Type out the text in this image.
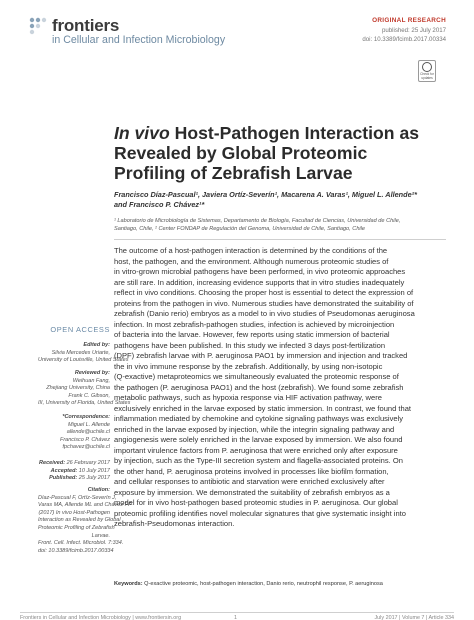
frontiers
in Cellular and Infection Microbiology
ORIGINAL RESEARCH
published: 25 July 2017
doi: 10.3389/fcimb.2017.00334
Check for updates
In vivo Host-Pathogen Interaction as
Revealed by Global Proteomic
Profiling of Zebrafish Larvae
Francisco Díaz-Pascual¹, Javiera Ortíz-Severín¹, Macarena A. Varas¹, Miguel L. Allende²*
and Francisco P. Chávez¹*
¹ Laboratorio de Microbiología de Sistemas, Departamento de Biología, Facultad de Ciencias, Universidad de Chile,
Santiago, Chile, ² Center FONDAP de Regulación del Genoma, Universidad de Chile, Santiago, Chile
The outcome of a host-pathogen interaction is determined by the conditions of the
host, the pathogen, and the environment. Although numerous proteomic studies of
in vitro-grown microbial pathogens have been performed, in vivo proteomic approaches
are still rare. In addition, increasing evidence supports that in vitro studies inadequately
reflect in vivo conditions. Choosing the proper host is essential to detect the expression of
proteins from the pathogen in vivo. Numerous studies have demonstrated the suitability of
zebrafish (Danio rerio) embryos as a model to in vivo studies of Pseudomonas aeruginosa
infection. In most zebrafish-pathogen studies, infection is achieved by microinjection
of bacteria into the larvae. However, few reports using static immersion of bacterial
pathogens have been published. In this study we infected 3 days post-fertilization
(DPF) zebrafish larvae with P. aeruginosa PAO1 by immersion and injection and tracked
the in vivo immune response by the zebrafish. Additionally, by using non-isotopic
(Q-exactive) metaproteomics we simultaneously evaluated the proteomic response of
the pathogen (P. aeruginosa PAO1) and the host (zebrafish). We found some zebrafish
metabolic pathways, such as hypoxia response via HIF activation pathway, were
exclusively enriched in the larvae exposed by static immersion. In contrast, we found that
inflammation mediated by chemokine and cytokine signaling pathways was exclusively
enriched in the larvae exposed by injection, while the integrin signaling pathway and
angiogenesis were solely enriched in the larvae exposed by immersion. We also found
important virulence factors from P. aeruginosa that were enriched only after exposure
by injection, such as the Type-III secretion system and flagella-associated proteins. On
the other hand, P. aeruginosa proteins involved in processes like biofilm formation,
and cellular responses to antibiotic and starvation were enriched exclusively after
exposure by immersion. We demonstrated the suitability of zebrafish embryos as a
model for in vivo host-pathogen based proteomic studies in P. aeruginosa. Our global
proteomic profiling identifies novel molecular signatures that give systematic insight into
zebrafish-Pseudomonas interaction.
Keywords: Q-exactive proteomic, host-pathogen interaction, Danio rerio, neutrophil response, P. aeruginosa
OPEN ACCESS
Edited by:
Silvia Mercedes Uriarte,
University of Louisville, United States
Reviewed by:
Weihuan Fang,
Zhejiang University, China
Frank C. Gibson,
III, University of Florida, United States
*Correspondence:
Miguel L. Allende
allende@uchile.cl
Francisco P. Chávez
fpchavez@uchile.cl
Received: 26 February 2017
Accepted: 10 July 2017
Published: 25 July 2017
Citation:
Díaz-Pascual F, Ortíz-Severín J,
Varas MA, Allende ML and Chávez FP
(2017) In vivo Host-Pathogen
Interaction as Revealed by Global
Proteomic Profiling of Zebrafish
Larvae.
Front. Cell. Infect. Microbiol. 7:334.
doi: 10.3389/fcimb.2017.00334
Frontiers in Cellular and Infection Microbiology | www.frontiersin.org	1	July 2017 | Volume 7 | Article 334
